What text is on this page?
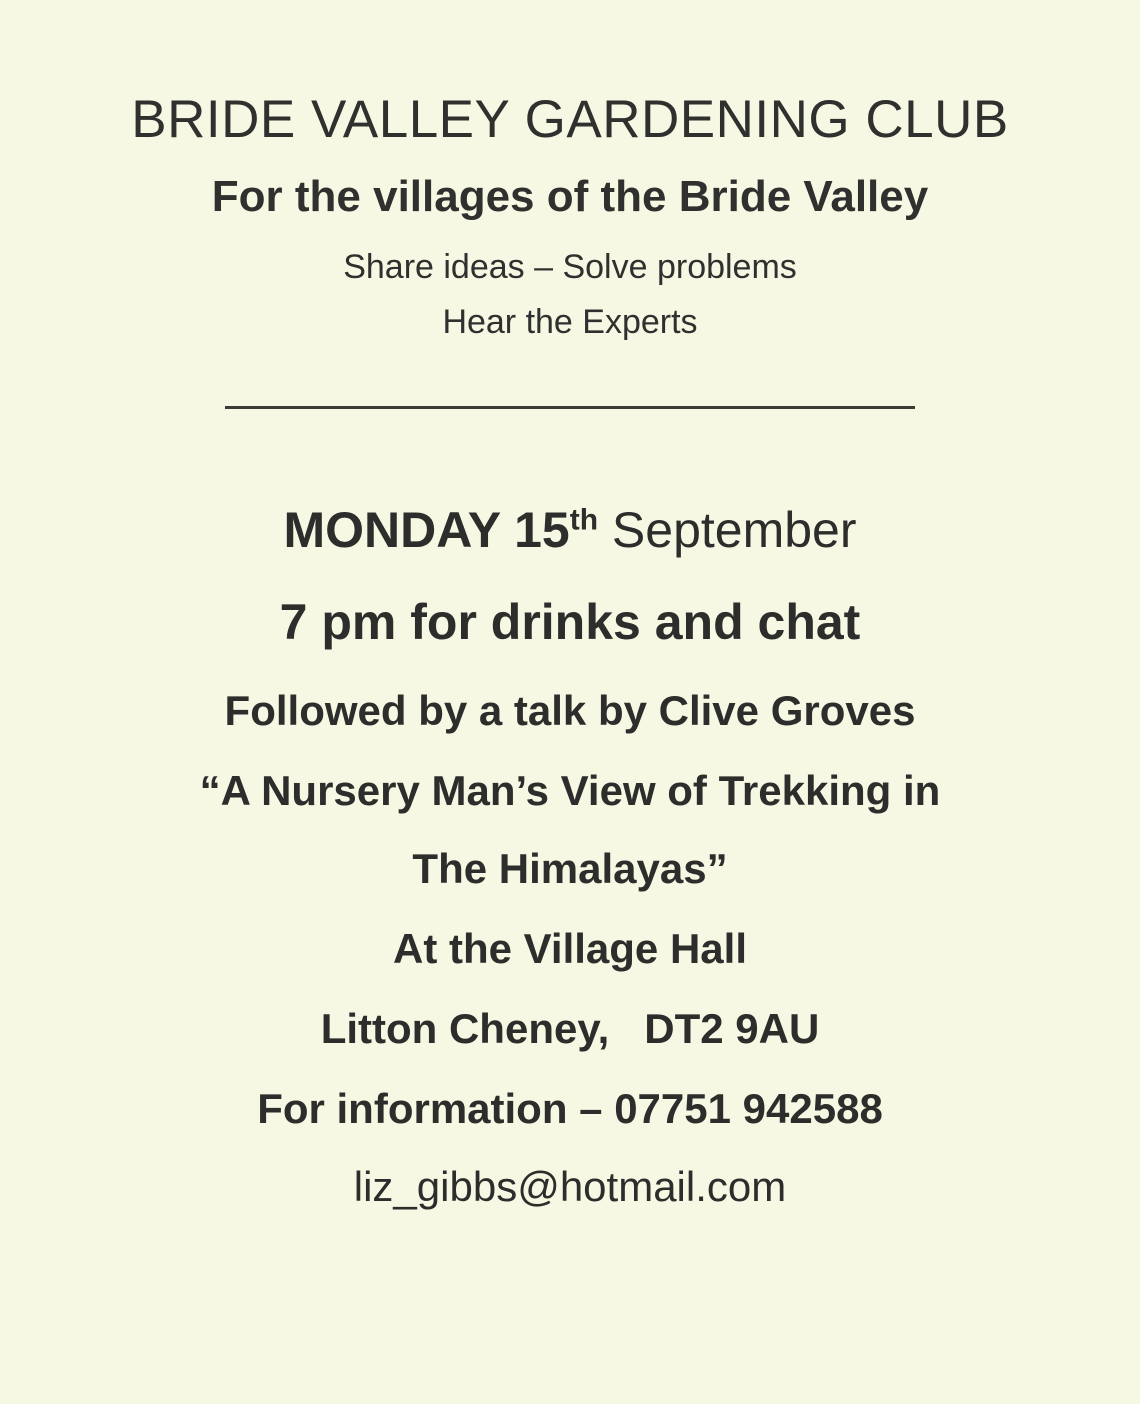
BRIDE VALLEY GARDENING CLUB
For the villages of the Bride Valley
Share ideas – Solve problems
Hear the Experts
MONDAY 15th September
7 pm for drinks and chat
Followed by a talk by Clive Groves
“A Nursery Man’s View of Trekking in
The Himalayas”
At the Village Hall
Litton Cheney,   DT2 9AU
For information – 07751 942588
liz_gibbs@hotmail.com
